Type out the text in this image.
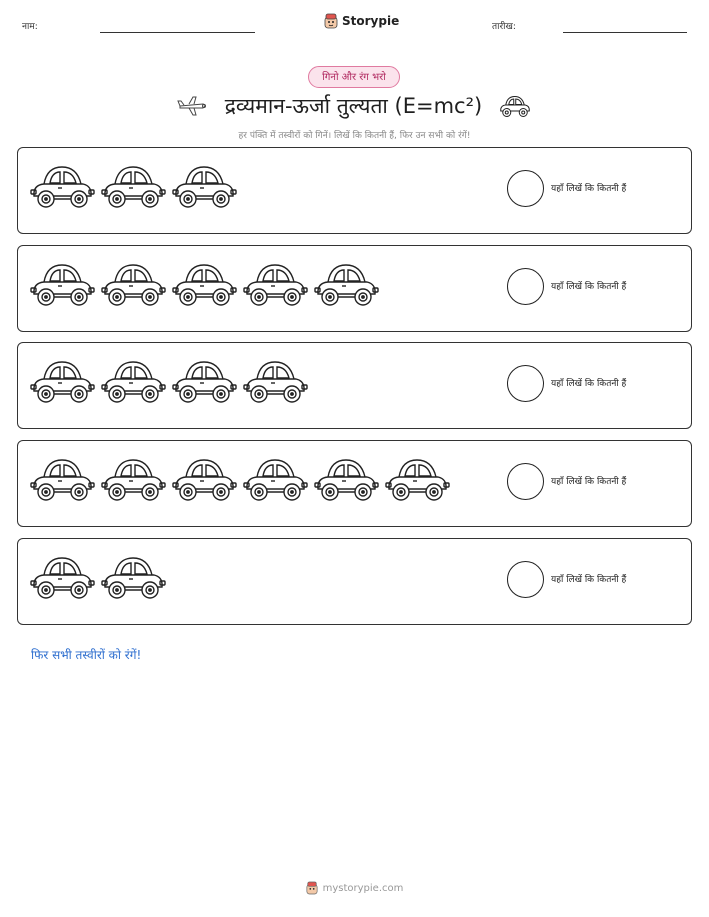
नाम:	Storypie	तारीख:
गिनो और रंग भरो
द्रव्यमान-ऊर्जा तुल्यता (E=mc²)
हर पंक्ति में तस्वीरों को गिनें। लिखें कि कितनी हैं, फिर उन सभी को रंगें!
यहाँ लिखें कि कितनी हैं
यहाँ लिखें कि कितनी हैं
यहाँ लिखें कि कितनी हैं
यहाँ लिखें कि कितनी हैं
यहाँ लिखें कि कितनी हैं
फिर सभी तस्वीरों को रंगें!
mystorypie.com
